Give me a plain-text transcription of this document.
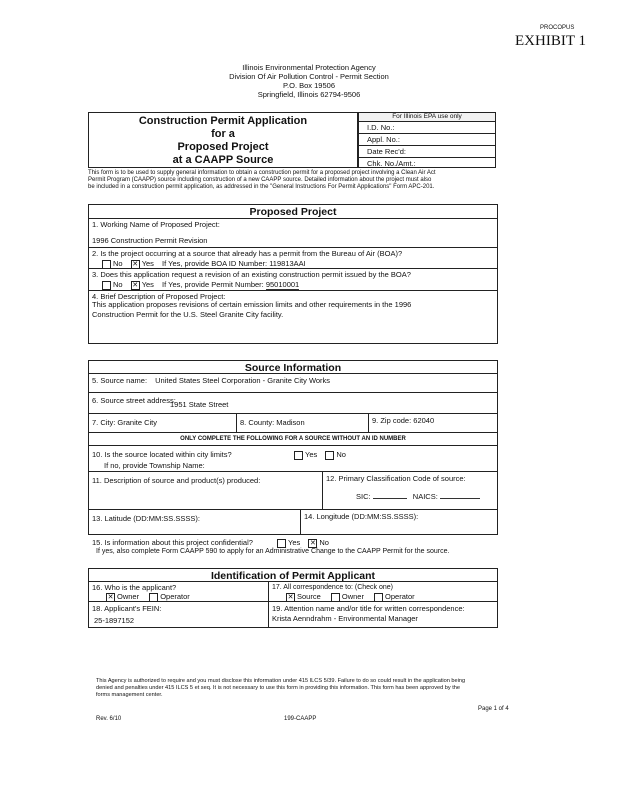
PROCOPUS
EXHIBIT 1
Illinois Environmental Protection Agency
Division Of Air Pollution Control - Permit Section
P.O. Box 19506
Springfield, Illinois 62794-9506
Construction Permit Application
for a
Proposed Project
at a CAAPP Source
For Illinois EPA use only
I.D. No.:
Appl. No.:
Date Rec'd:
Chk. No./Amt.:
This form is to be used to supply general information to obtain a construction permit for a proposed project involving a Clean Air Act
Permit Program (CAAPP) source including construction of a new CAAPP source. Detailed information about the project must also
be included in a construction permit application, as addressed in the "General Instructions For Permit Applications" Form APC-201.
Proposed Project
1. Working Name of Proposed Project:
1996 Construction Permit Revision
2. Is the project occurring at a source that already has a permit from the Bureau of Air (BOA)?
No ✕ Yes If Yes, provide BOA ID Number: 119813AAI
3. Does this application request a revision of an existing construction permit issued by the BOA?
No ✕ Yes If Yes, provide Permit Number: 95010001
4. Brief Description of Proposed Project:
This application proposes revisions of certain emission limits and other requirements in the 1996
Construction Permit for the U.S. Steel Granite City facility.
Source Information
5. Source name: United States Steel Corporation - Granite City Works
6. Source street address:
1951 State Street
7. City: Granite City	8. County: Madison	9. Zip code: 62040
ONLY COMPLETE THE FOLLOWING FOR A SOURCE WITHOUT AN ID NUMBER
10. Is the source located within city limits?	Yes	No
If no, provide Township Name:
11. Description of source and product(s) produced:	12. Primary Classification Code of source:
SIC:	NAICS:
13. Latitude (DD:MM:SS.SSSS):	14. Longitude (DD:MM:SS.SSSS):
15. Is information about this project confidential?	Yes ✕ No
If yes, also complete Form CAAPP 590 to apply for an Administrative Change to the CAAPP Permit for the source.
Identification of Permit Applicant
16. Who is the applicant?
✕ Owner	Operator
17. All correspondence to: (Check one)
✕ Source	Owner	Operator
18. Applicant's FEIN:
25-1897152
19. Attention name and/or title for written correspondence:
Krista Aenndrahm - Environmental Manager
This Agency is authorized to require and you must disclose this information under 415 ILCS 5/39. Failure to do so could result in the application being
denied and penalties under 415 ILCS 5 et seq. It is not necessary to use this form in providing this information. This form has been approved by the
forms management center.
Page 1 of 4
Rev. 6/10	199-CAAPP
